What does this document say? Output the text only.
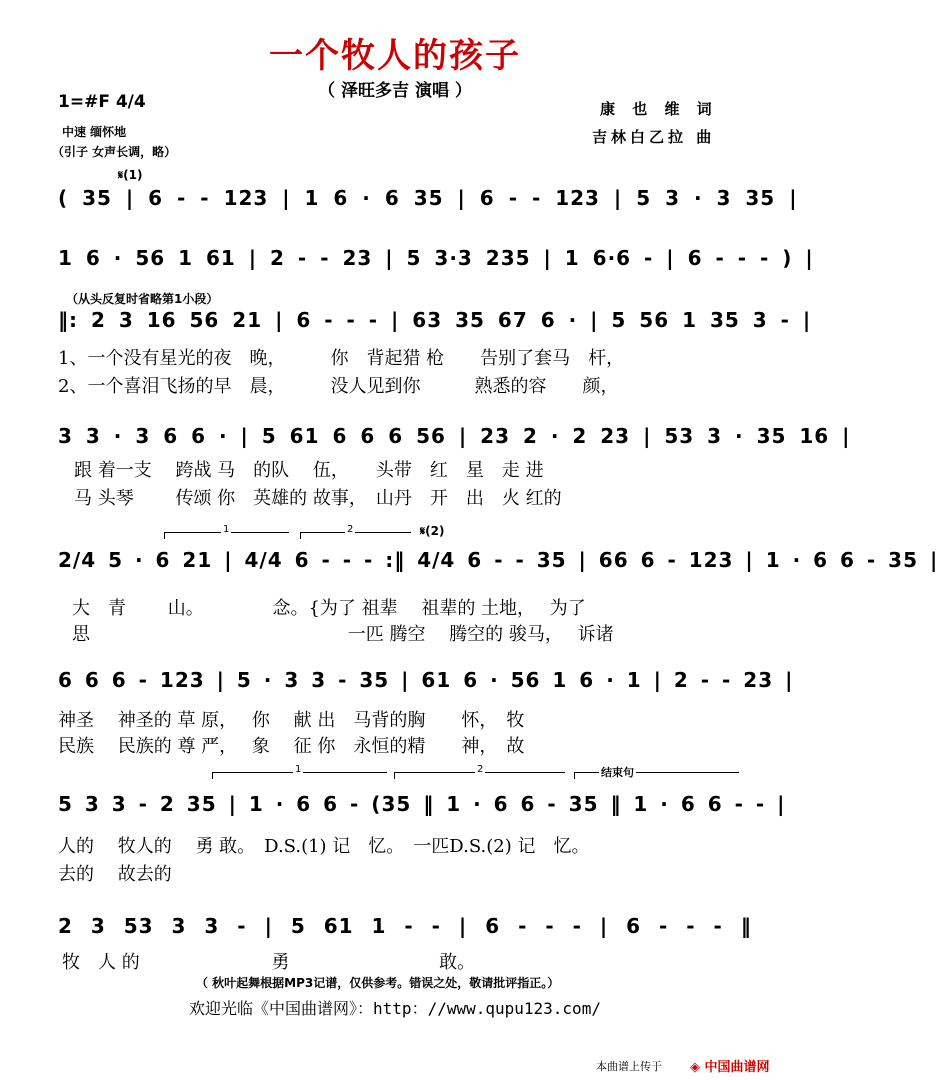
一个牧人的孩子
（ 泽旺多吉 演唱 ）
1=#F 4/4
中速 缅怀地
（引子 女声长调，略）
康 也 维 词
吉林白乙拉 曲
𝄋(1)
( 35 | 6 - - 123 | 1 6 · 6 35 | 6 - - 123 | 5 3 · 3 35 |
1 6 · 56 1 61 | 2 - - 23 | 5 3·3 235 | 1 6·6 - | 6 - - - ) |
（从头反复时省略第1小段）
‖: 2 3 16 56 21 | 6 - - - | 63 35 67 6 · | 5 56 1 35 3 - |
1、一个没有星光的夜　晚，　　　你　背起猎 枪　　告别了套马　杆，
2、一个喜泪飞扬的早　晨，　　　没人见到你　　　熟悉的容　　颜，
3 3 · 3 6 6 · | 5 61 6 6 6 56 | 23 2 · 2 23 | 53 3 · 35 16 |
跟 着一支　 跨战 马　的队　 伍，　　头带　红　星　走 进
马 头琴　　 传颂 你　英雄的 故事，　山丹　开　出　火 红的
1	2	𝄋(2)
2/4 5 · 6 21 | 4/4 6 - - - :‖ 4/4 6 - - 35 | 66 6 - 123 | 1 · 6 6 - 35 |
大　青　　 山。　　　　 念。{为了 祖辈　 祖辈的 土地，　 为了
思　　　　　　　　　　　　　　 一匹 腾空　 腾空的 骏马，　 诉诸
6 6 6 - 123 | 5 · 3 3 - 35 | 61 6 · 56 1 6 · 1 | 2 - - 23 |
神圣　 神圣的 草 原，　 你　 献 出　马背的胸　　怀，　牧
民族　 民族的 尊 严，　 象　 征 你　永恒的精　　神，　故
1	2	结束句
5 3 3 - 2 35 | 1 · 6 6 - (35 ‖ 1 · 6 6 - 35 ‖ 1 · 6 6 - - |
人的　 牧人的　 勇 敢。　D.S.(1) 记　忆。　一匹D.S.(2) 记　忆。
去的　 故去的
2 3 53 3 3 - | 5 61 1 - - | 6 - - - | 6 - - - ‖
牧　人 的　　　　　　　 勇　　　　　　　　 敢。
（ 秋叶起舞根据MP3记谱，仅供参考。错误之处，敬请批评指正。）
欢迎光临《中国曲谱网》：http：//www.qupu123.com/
本曲谱上传于 ◈ 中国曲谱网
